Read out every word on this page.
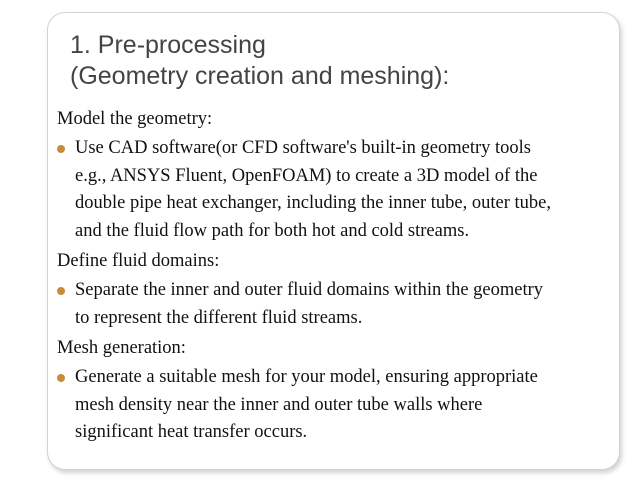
1. Pre-processing
(Geometry creation and meshing):

Model the geometry:

Use CAD software(or CFD software's built-in geometry tools
e.g., ANSYS Fluent, OpenFOAM) to create a 3D model of the
double pipe heat exchanger, including the inner tube, outer tube,
and the fluid flow path for both hot and cold streams.

Define fluid domains:

Separate the inner and outer fluid domains within the geometry
to represent the different fluid streams.

Mesh generation:

Generate a suitable mesh for your model, ensuring appropriate
mesh density near the inner and outer tube walls where
significant heat transfer occurs.
